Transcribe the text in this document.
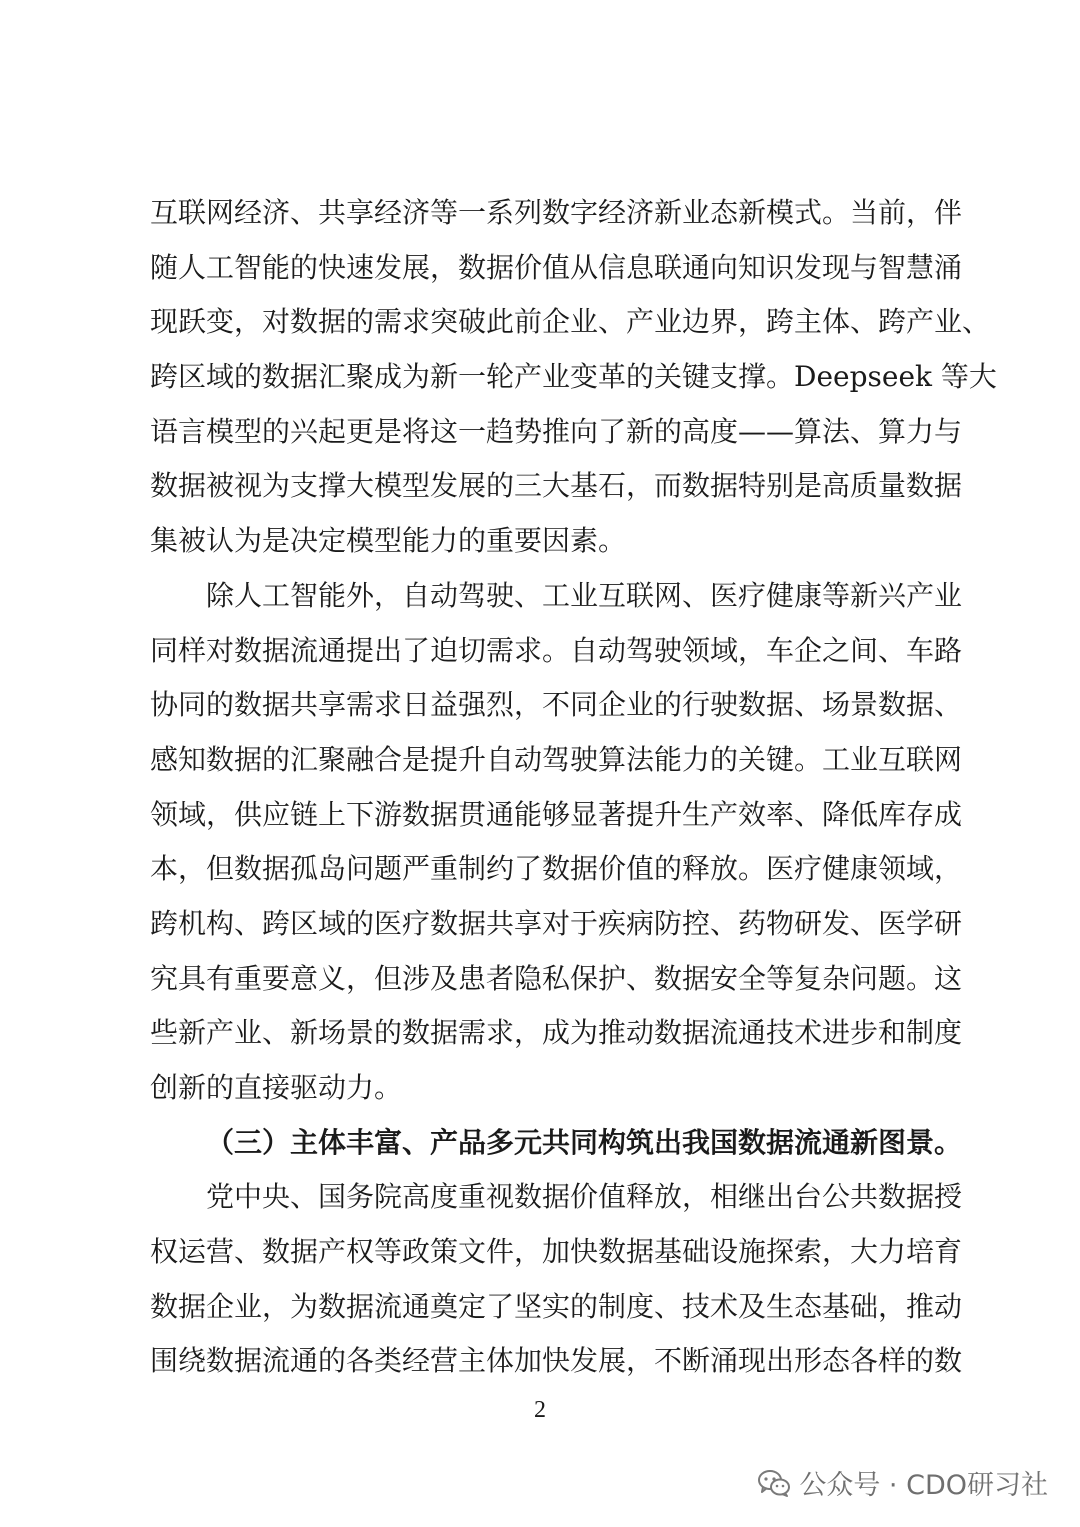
互联网经济、共享经济等一系列数字经济新业态新模式。当前，伴
随人工智能的快速发展，数据价值从信息联通向知识发现与智慧涌
现跃变，对数据的需求突破此前企业、产业边界，跨主体、跨产业、
跨区域的数据汇聚成为新一轮产业变革的关键支撑。Deepseek 等大
语言模型的兴起更是将这一趋势推向了新的高度——算法、算力与
数据被视为支撑大模型发展的三大基石，而数据特别是高质量数据
集被认为是决定模型能力的重要因素。
除人工智能外，自动驾驶、工业互联网、医疗健康等新兴产业
同样对数据流通提出了迫切需求。自动驾驶领域，车企之间、车路
协同的数据共享需求日益强烈，不同企业的行驶数据、场景数据、
感知数据的汇聚融合是提升自动驾驶算法能力的关键。工业互联网
领域，供应链上下游数据贯通能够显著提升生产效率、降低库存成
本，但数据孤岛问题严重制约了数据价值的释放。医疗健康领域，
跨机构、跨区域的医疗数据共享对于疾病防控、药物研发、医学研
究具有重要意义，但涉及患者隐私保护、数据安全等复杂问题。这
些新产业、新场景的数据需求，成为推动数据流通技术进步和制度
创新的直接驱动力。
（三）主体丰富、产品多元共同构筑出我国数据流通新图景。
党中央、国务院高度重视数据价值释放，相继出台公共数据授
权运营、数据产权等政策文件，加快数据基础设施探索，大力培育
数据企业，为数据流通奠定了坚实的制度、技术及生态基础，推动
围绕数据流通的各类经营主体加快发展，不断涌现出形态各样的数
2
公众号 · CDO研习社
